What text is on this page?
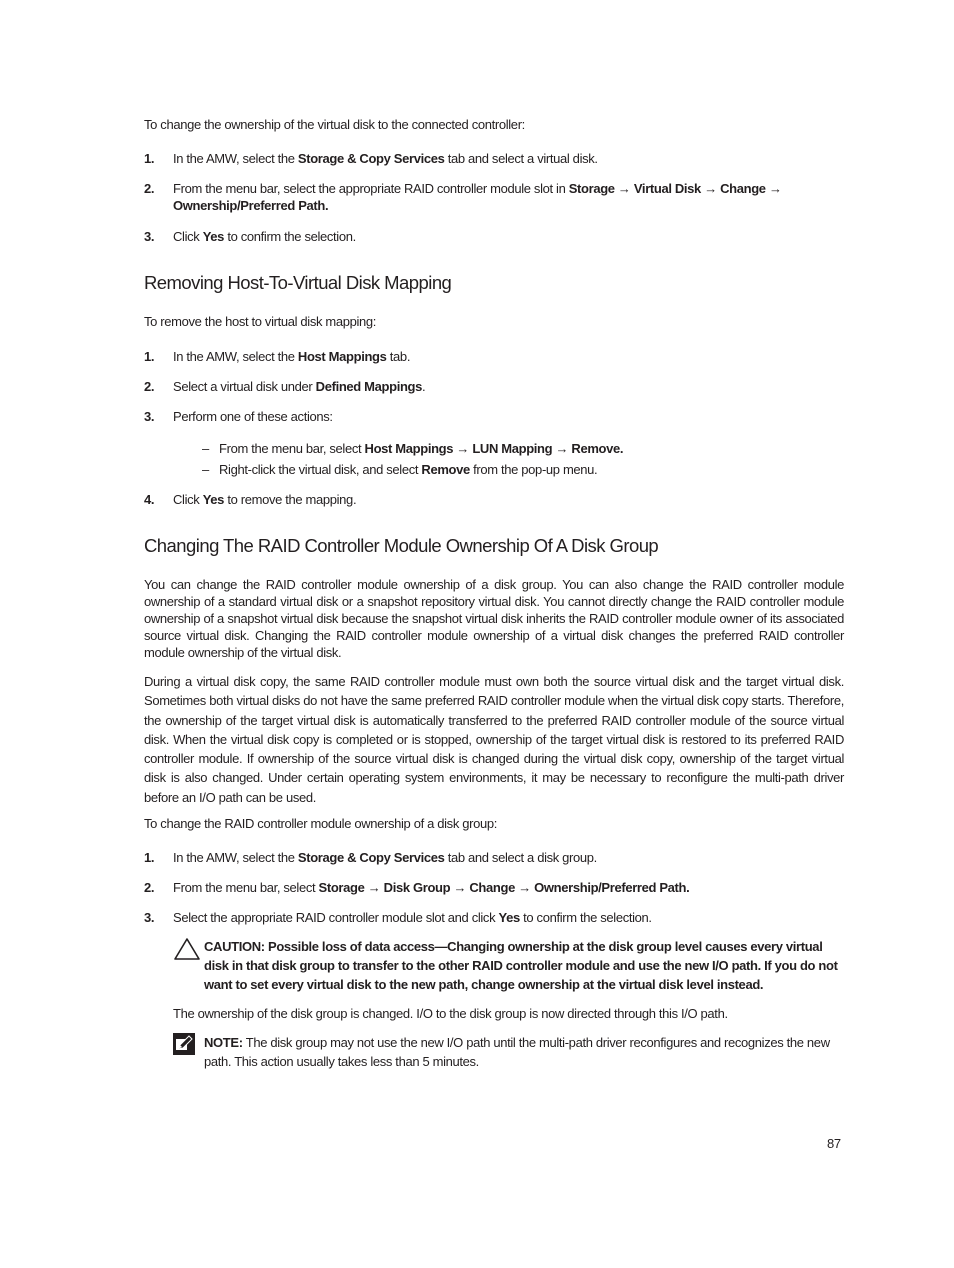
To change the ownership of the virtual disk to the connected controller:
1.	In the AMW, select the Storage & Copy Services tab and select a virtual disk.
2.	From the menu bar, select the appropriate RAID controller module slot in Storage → Virtual Disk → Change → Ownership/Preferred Path.
3.	Click Yes to confirm the selection.
Removing Host-To-Virtual Disk Mapping
To remove the host to virtual disk mapping:
1.	In the AMW, select the Host Mappings tab.
2.	Select a virtual disk under Defined Mappings.
3.	Perform one of these actions:
– From the menu bar, select Host Mappings → LUN Mapping → Remove.
– Right-click the virtual disk, and select Remove from the pop-up menu.
4.	Click Yes to remove the mapping.
Changing The RAID Controller Module Ownership Of A Disk Group
You can change the RAID controller module ownership of a disk group. You can also change the RAID controller module ownership of a standard virtual disk or a snapshot repository virtual disk. You cannot directly change the RAID controller module ownership of a snapshot virtual disk because the snapshot virtual disk inherits the RAID controller module owner of its associated source virtual disk. Changing the RAID controller module ownership of a virtual disk changes the preferred RAID controller module ownership of the virtual disk.
During a virtual disk copy, the same RAID controller module must own both the source virtual disk and the target virtual disk. Sometimes both virtual disks do not have the same preferred RAID controller module when the virtual disk copy starts. Therefore, the ownership of the target virtual disk is automatically transferred to the preferred RAID controller module of the source virtual disk. When the virtual disk copy is completed or is stopped, ownership of the target virtual disk is restored to its preferred RAID controller module. If ownership of the source virtual disk is changed during the virtual disk copy, ownership of the target virtual disk is also changed. Under certain operating system environments, it may be necessary to reconfigure the multi-path driver before an I/O path can be used.
To change the RAID controller module ownership of a disk group:
1.	In the AMW, select the Storage & Copy Services tab and select a disk group.
2.	From the menu bar, select Storage → Disk Group → Change → Ownership/Preferred Path.
3.	Select the appropriate RAID controller module slot and click Yes to confirm the selection.
CAUTION: Possible loss of data access—Changing ownership at the disk group level causes every virtual disk in that disk group to transfer to the other RAID controller module and use the new I/O path. If you do not want to set every virtual disk to the new path, change ownership at the virtual disk level instead.
The ownership of the disk group is changed. I/O to the disk group is now directed through this I/O path.
NOTE: The disk group may not use the new I/O path until the multi-path driver reconfigures and recognizes the new path. This action usually takes less than 5 minutes.
87
